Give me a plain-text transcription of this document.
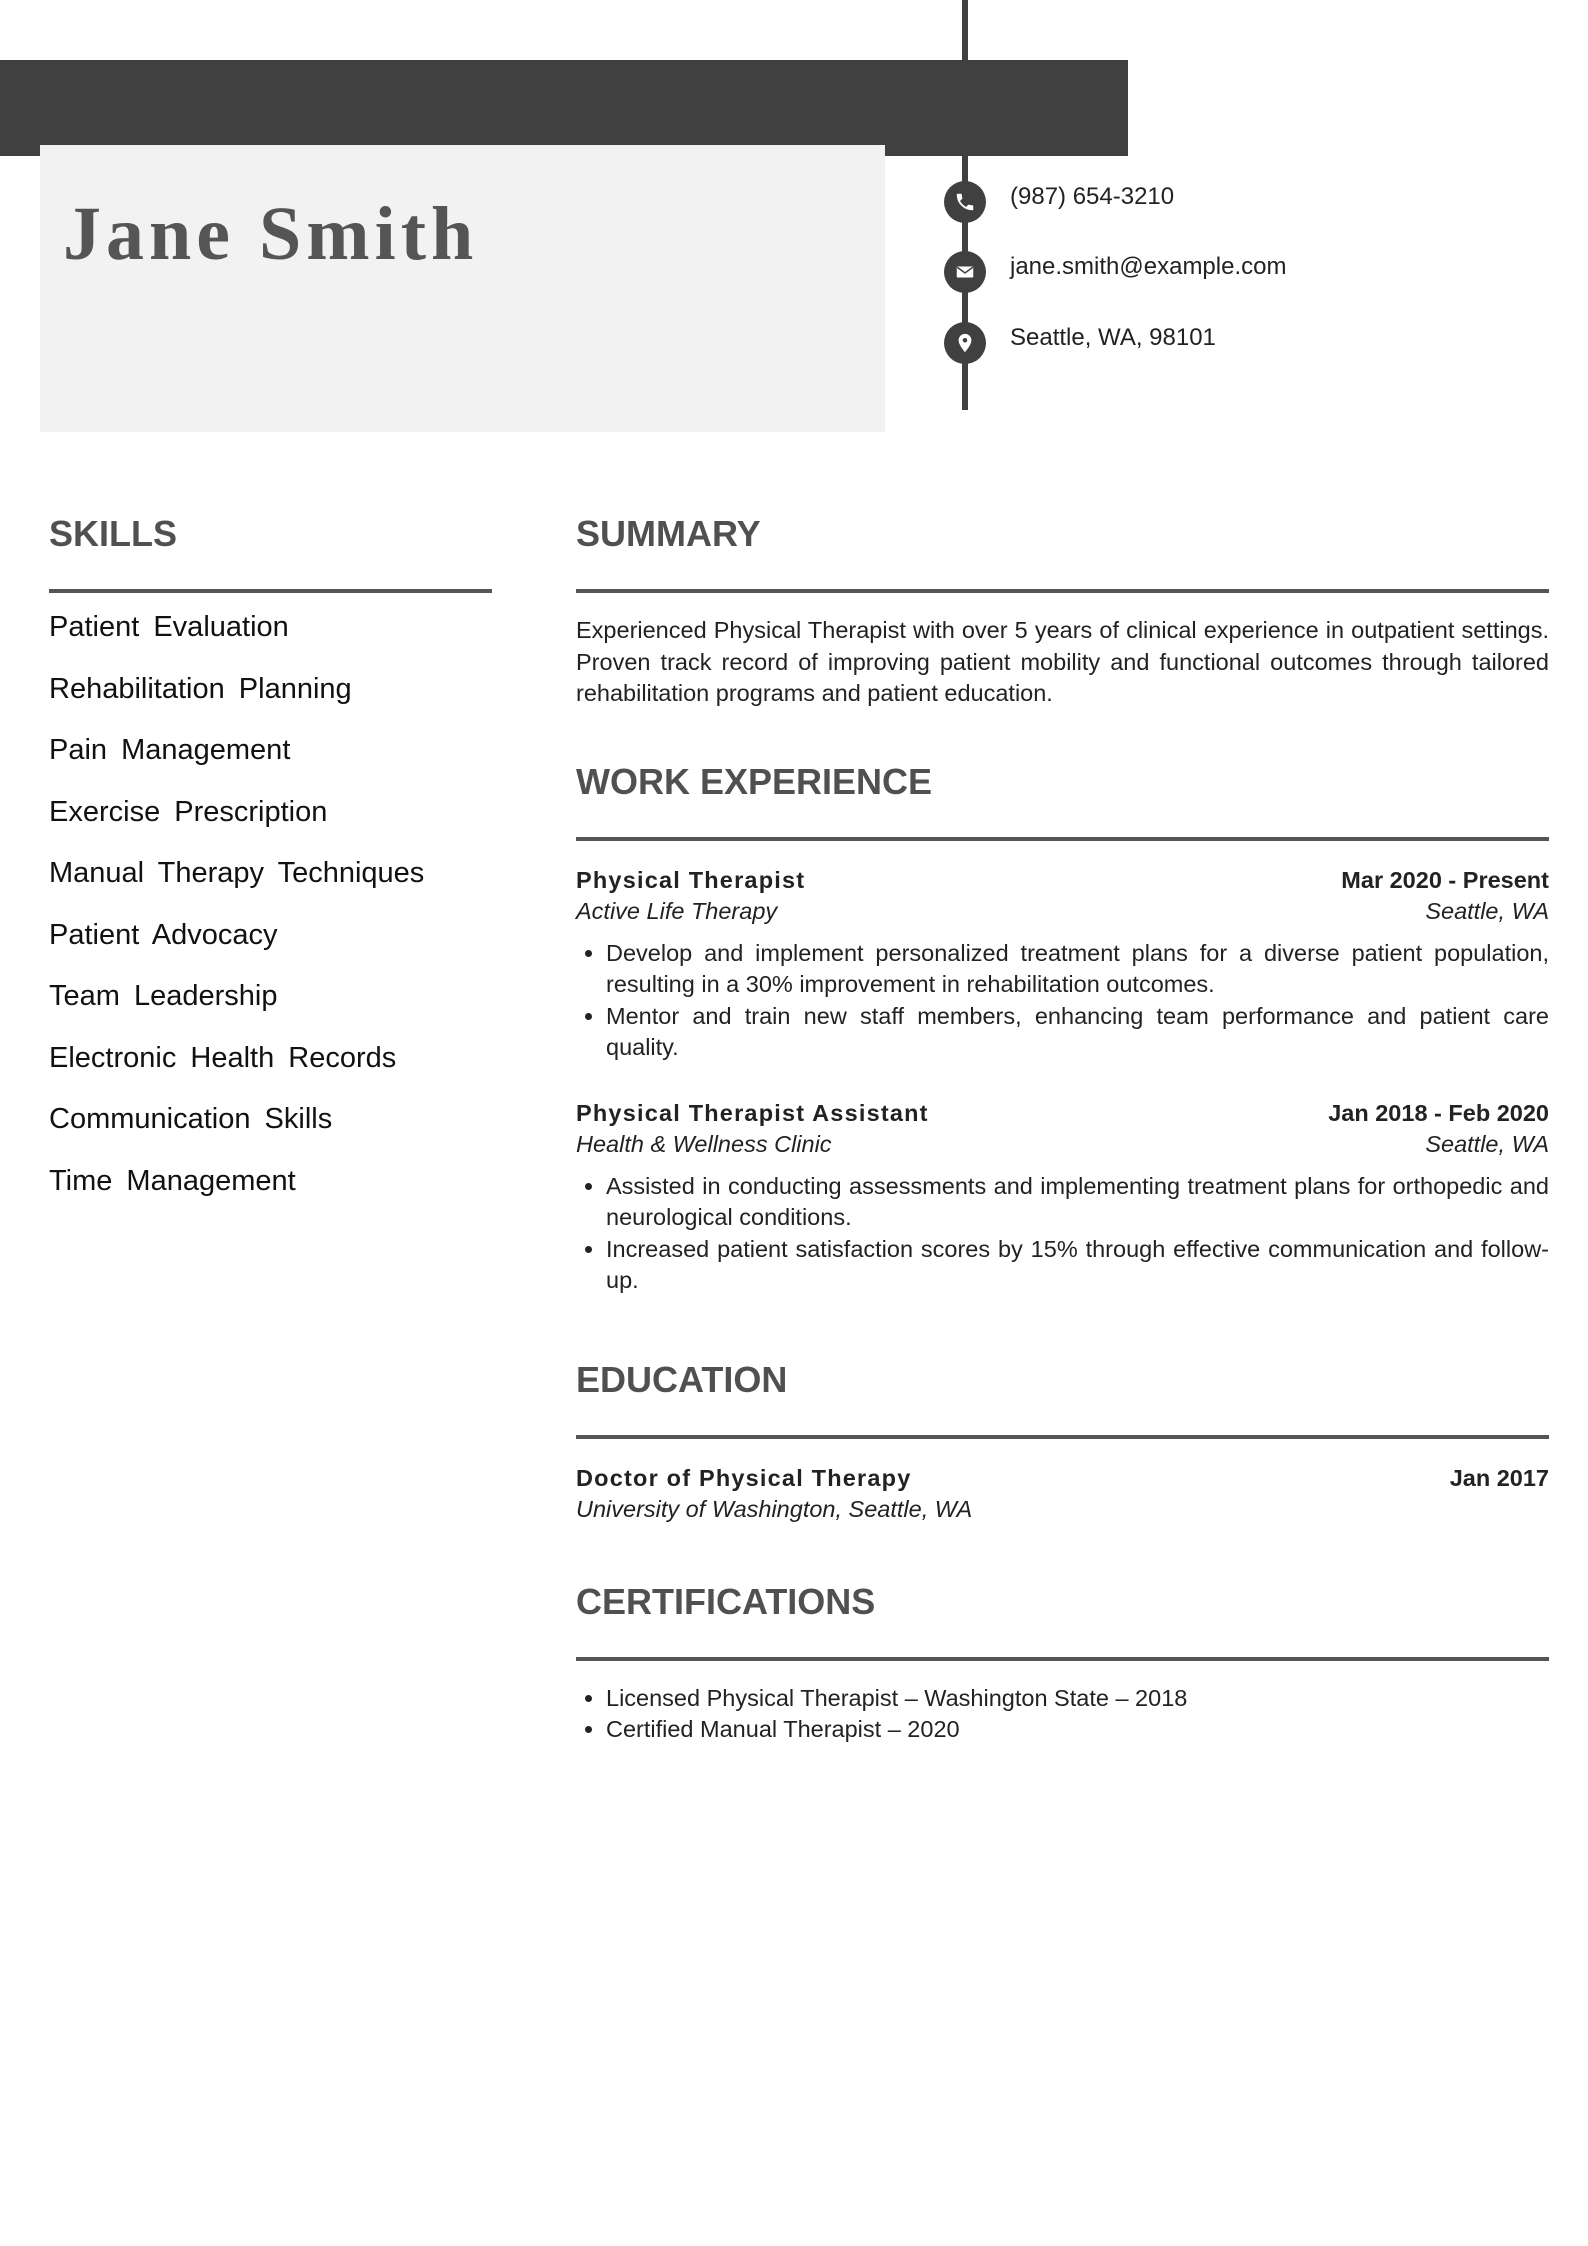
Jane Smith	(987) 654-3210
jane.smith@example.com
Seattle, WA, 98101
SKILLS
Patient Evaluation
Rehabilitation Planning
Pain Management
Exercise Prescription
Manual Therapy Techniques
Patient Advocacy
Team Leadership
Electronic Health Records
Communication Skills
Time Management
SUMMARY

Experienced Physical Therapist with over 5 years of clinical experience in outpatient settings. Proven track record of improving patient mobility and functional outcomes through tailored rehabilitation programs and patient education.

WORK EXPERIENCE
Physical Therapist	Mar 2020 - Present
Active Life Therapy	Seattle, WA
• Develop and implement personalized treatment plans for a diverse patient population, resulting in a 30% improvement in rehabilitation outcomes.
• Mentor and train new staff members, enhancing team performance and patient care quality.
Physical Therapist Assistant	Jan 2018 - Feb 2020
Health & Wellness Clinic	Seattle, WA
• Assisted in conducting assessments and implementing treatment plans for orthopedic and neurological conditions.
• Increased patient satisfaction scores by 15% through effective communication and follow-up.
EDUCATION
Doctor of Physical Therapy	Jan 2017
University of Washington, Seattle, WA
CERTIFICATIONS
• Licensed Physical Therapist – Washington State – 2018
• Certified Manual Therapist – 2020
